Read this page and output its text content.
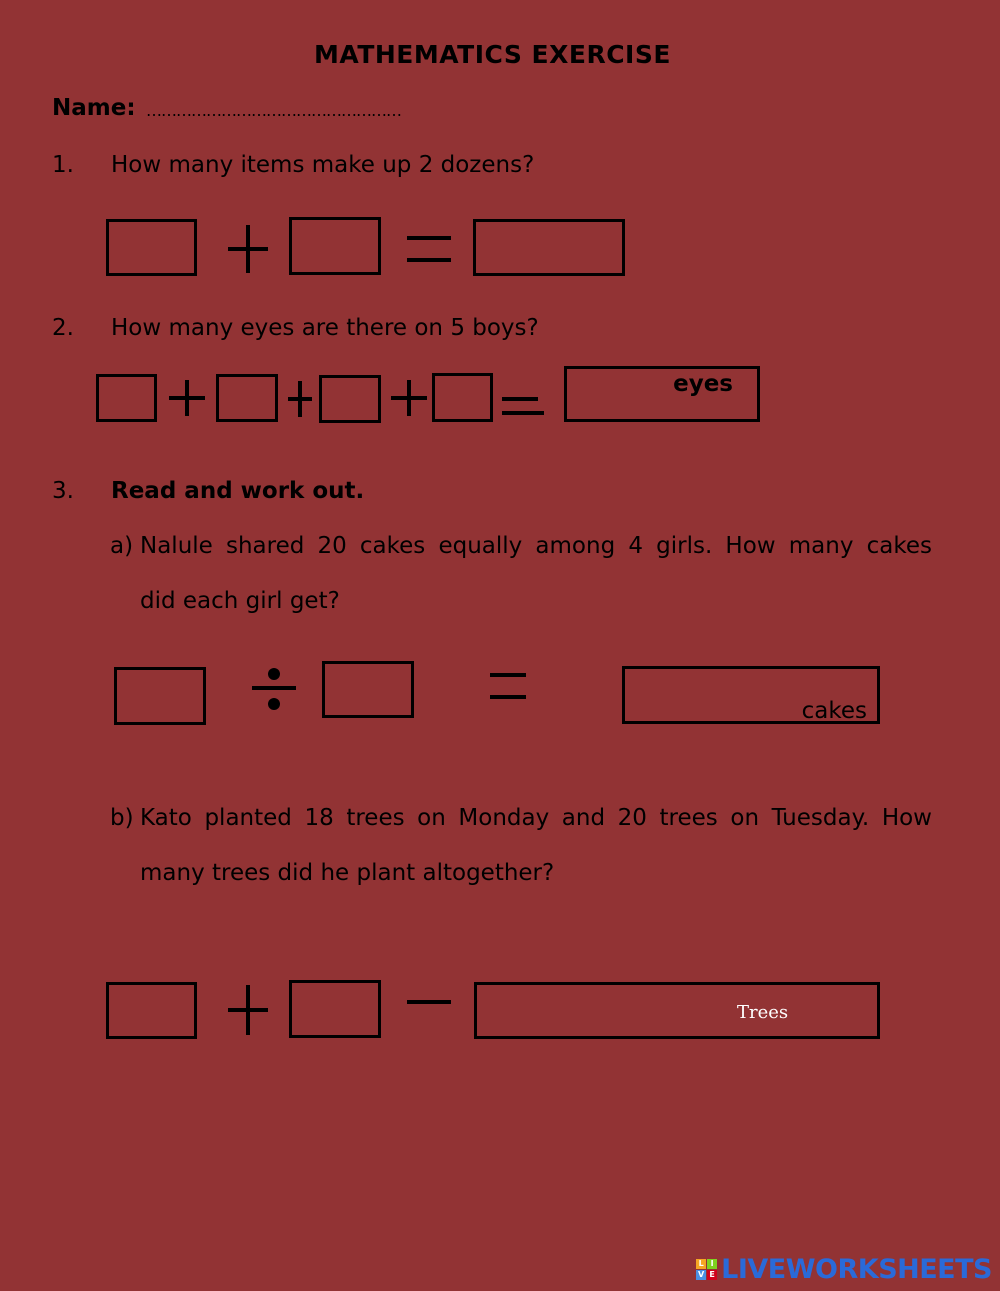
MATHEMATICS EXERCISE
Name: ……………………………………………
1. How many items make up 2 dozens?
2. How many eyes are there on 5 boys?
eyes
3. Read and work out.
a) Nalule shared 20 cakes equally among 4 girls. How many cakes
did each girl get?
cakes
b) Kato planted 18 trees on Monday and 20 trees on Tuesday. How
many trees did he plant altogether?
Trees
L I
V E LIVEWORKSHEETS
